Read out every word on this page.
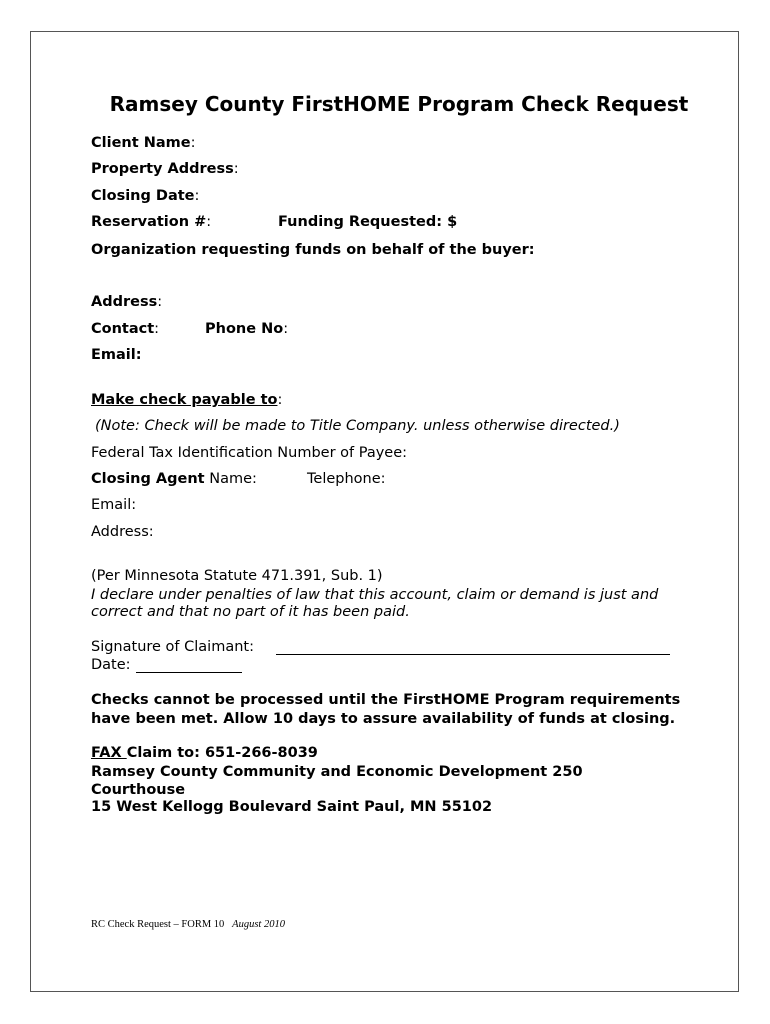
Ramsey County FirstHOME Program Check Request
Client Name:
Property Address:
Closing Date:
Reservation #:	Funding Requested: $
Organization requesting funds on behalf of the buyer:
Address:
Contact:	Phone No:
Email:
Make check payable to:
(Note: Check will be made to Title Company. unless otherwise directed.)
Federal Tax Identification Number of Payee:
Closing Agent Name:	Telephone:
Email:
Address:
(Per Minnesota Statute 471.391, Sub. 1)
I declare under penalties of law that this account, claim or demand is just and
correct and that no part of it has been paid.
Signature of Claimant:
Date:
Checks cannot be processed until the FirstHOME Program requirements
have been met. Allow 10 days to assure availability of funds at closing.
FAX Claim to: 651-266-8039
Ramsey County Community and Economic Development 250
Courthouse
15 West Kellogg Boulevard Saint Paul, MN 55102
RC Check Request – FORM 10 August 2010
